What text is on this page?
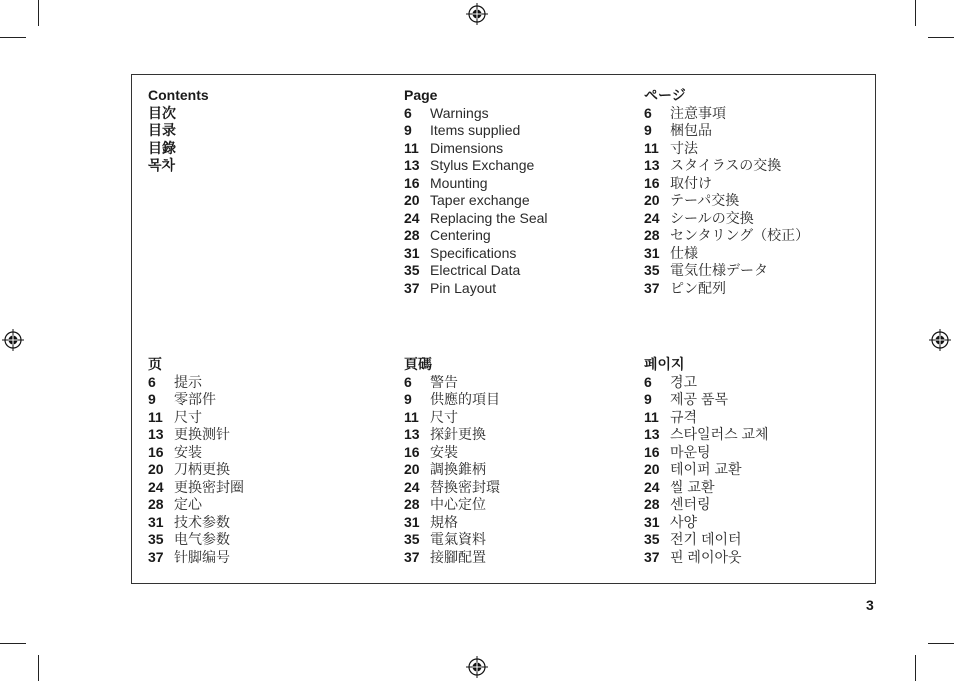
Contents
目次
目录
目錄
목차
Page
6	Warnings
9	Items supplied
11 Dimensions
13 Stylus Exchange
16 Mounting
20 Taper exchange
24 Replacing the Seal
28 Centering
31 Specifications
35 Electrical Data
37 Pin Layout
ページ
6	注意事項
9	梱包品
11 寸法
13 スタイラスの交換
16 取付け
20 テーパ交換
24 シールの交換
28 センタリング（校正）
31 仕様
35 電気仕様データ
37 ピン配列
页
6	提示
9	零部件
11 尺寸
13 更换测针
16 安装
20 刀柄更换
24 更换密封圈
28 定心
31 技术参数
35 电气参数
37 针脚编号
頁碼
6	警告
9	供應的項目
11 尺寸
13 探針更換
16 安裝
20 調換錐柄
24 替換密封環
28 中心定位
31 規格
35 電氣資料
37 接腳配置
페이지
6	경고
9	제공 품목
11 규격
13 스타일러스 교체
16 마운팅
20 테이퍼 교환
24 씰 교환
28 센터링
31 사양
35 전기 데이터
37 핀 레이아웃
3
